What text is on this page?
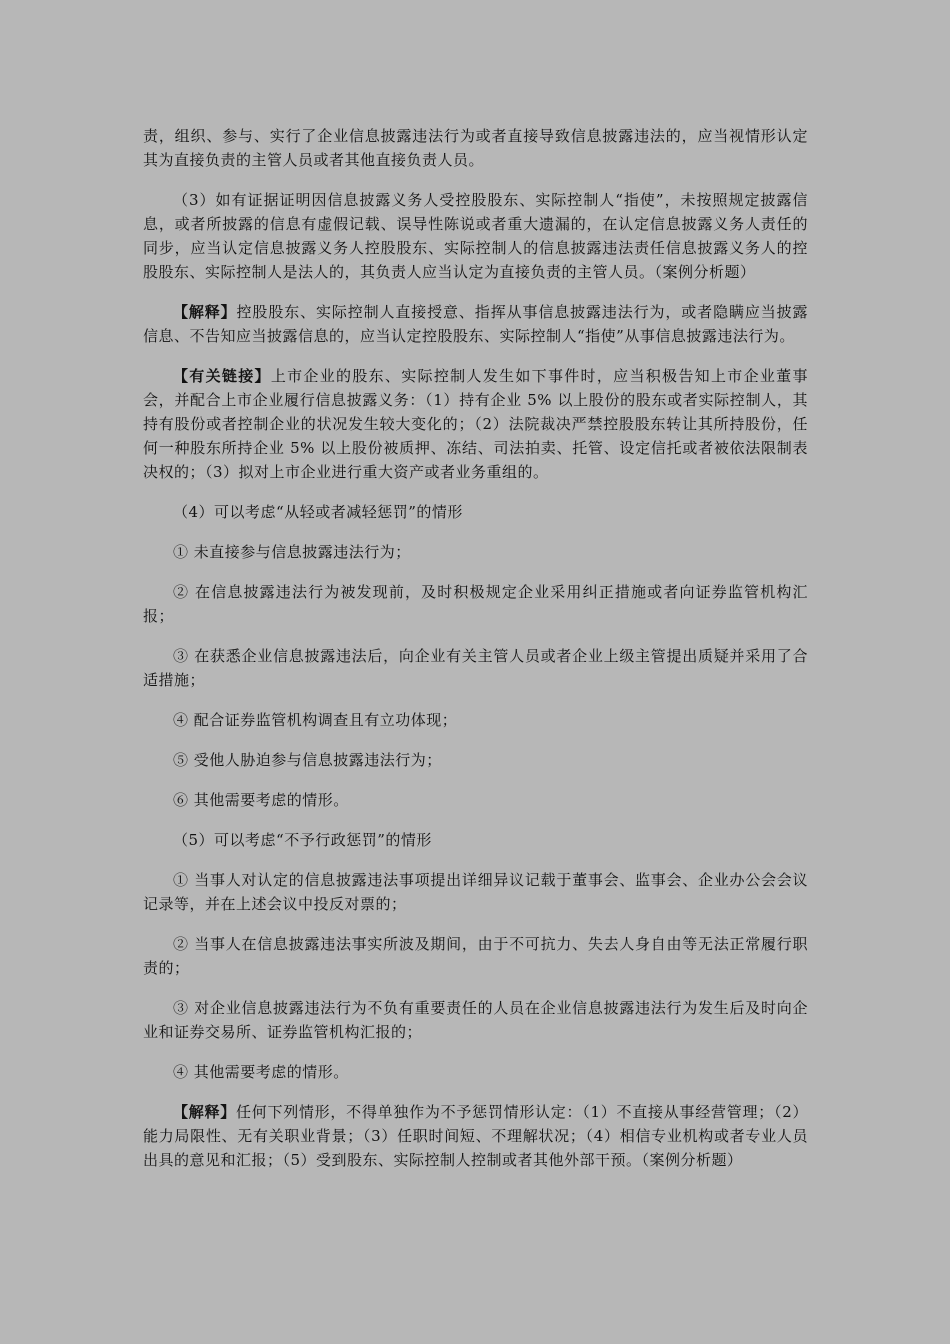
责，组织、参与、实行了企业信息披露违法行为或者直接导致信息披露违法的，应当视情形认定其为直接负责的主管人员或者其他直接负责人员。

（3）如有证据证明因信息披露义务人受控股股东、实际控制人“指使”，未按照规定披露信息，或者所披露的信息有虚假记载、误导性陈说或者重大遗漏的，在认定信息披露义务人责任的同步，应当认定信息披露义务人控股股东、实际控制人的信息披露违法责任信息披露义务人的控股股东、实际控制人是法人的，其负责人应当认定为直接负责的主管人员。（案例分析题）

【解释】控股股东、实际控制人直接授意、指挥从事信息披露违法行为，或者隐瞒应当披露信息、不告知应当披露信息的，应当认定控股股东、实际控制人“指使”从事信息披露违法行为。

【有关链接】上市企业的股东、实际控制人发生如下事件时，应当积极告知上市企业董事会，并配合上市企业履行信息披露义务：（1）持有企业 5% 以上股份的股东或者实际控制人，其持有股份或者控制企业的状况发生较大变化的；（2）法院裁决严禁控股股东转让其所持股份，任何一种股东所持企业 5% 以上股份被质押、冻结、司法拍卖、托管、设定信托或者被依法限制表决权的；（3）拟对上市企业进行重大资产或者业务重组的。

（4）可以考虑“从轻或者减轻惩罚”的情形

① 未直接参与信息披露违法行为；

② 在信息披露违法行为被发现前，及时积极规定企业采用纠正措施或者向证券监管机构汇报；

③ 在获悉企业信息披露违法后，向企业有关主管人员或者企业上级主管提出质疑并采用了合适措施；

④ 配合证券监管机构调查且有立功体现；

⑤ 受他人胁迫参与信息披露违法行为；

⑥ 其他需要考虑的情形。

（5）可以考虑“不予行政惩罚”的情形

① 当事人对认定的信息披露违法事项提出详细异议记载于董事会、监事会、企业办公会会议记录等，并在上述会议中投反对票的；

② 当事人在信息披露违法事实所波及期间，由于不可抗力、失去人身自由等无法正常履行职责的；

③ 对企业信息披露违法行为不负有重要责任的人员在企业信息披露违法行为发生后及时向企业和证券交易所、证券监管机构汇报的；

④ 其他需要考虑的情形。

【解释】任何下列情形，不得单独作为不予惩罚情形认定：（1）不直接从事经营管理；（2）能力局限性、无有关职业背景；（3）任职时间短、不理解状况；（4）相信专业机构或者专业人员出具的意见和汇报；（5）受到股东、实际控制人控制或者其他外部干预。（案例分析题）
